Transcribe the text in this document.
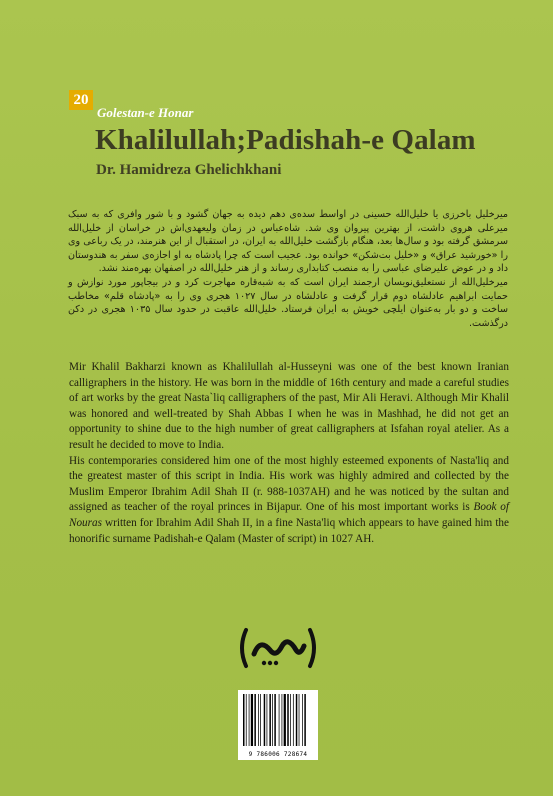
20
Golestan-e Honar
Khalilullah;Padishah-e Qalam
Dr. Hamidreza Ghelichkhani

میرخلیل باخرزی یا خلیل‌الله حسینی در اواسط سده‌ی دهم دیده به جهان گشود و با شور وافری که به سبک میرعلی هروی داشت، از بهترین پیروان وی شد. شاه‌عباس در زمان ولیعهدی‌اش در خراسان از خلیل‌الله سرمشق گرفته بود و سال‌ها بعد، هنگام بازگشت خلیل‌الله به ایران، در استقبال از این هنرمند، در یک رباعی وی را «خورشید عراق» و «خلیل بت‌شکن» خوانده بود. عجیب است که چرا پادشاه به او اجازه‌ی سفر به هندوستان داد و در عوض علیرضای عباسی را به منصب کتابداری رساند و از هنر خلیل‌الله در اصفهان بهره‌مند نشد.

میرخلیل‌الله از نستعلیق‌نویسان ارجمند ایران است که به شبه‌قاره مهاجرت کرد و در بیجاپور مورد نوازش و حمایت ابراهیم عادلشاه دوم قرار گرفت و عادلشاه در سال ۱۰۲۷ هجری وی را به «پادشاه قلم» مخاطب ساخت و دو بار به‌عنوان ایلچی خویش به ایران فرستاد. خلیل‌الله عاقبت در حدود سال ۱۰۳۵ هجری در دکن درگذشت.

Mir Khalil Bakharzi known as Khalilullah al-Husseyni was one of the best known Iranian calligraphers in the history. He was born in the middle of 16th century and made a careful studies of art works by the great Nasta`liq calligraphers of the past, Mir Ali Heravi. Although Mir Khalil was honored and well-treated by Shah Abbas I when he was in Mashhad, he did not get an opportunity to shine due to the high number of great calligraphers at Isfahan royal atelier. As a result he decided to move to India.

His contemporaries considered him one of the most highly esteemed exponents of Nasta'liq and the greatest master of this script in India. His work was highly admired and collected by the Muslim Emperor Ibrahim Adil Shah II (r. 988-1037AH) and he was noticed by the sultan and assigned as teacher of the royal princes in Bijapur. One of his most important works is Book of Nouras written for Ibrahim Adil Shah II, in a fine Nasta'liq which appears to have gained him the honorific surname Padishah-e Qalam (Master of script) in 1027 AH.

9 786006 728674
